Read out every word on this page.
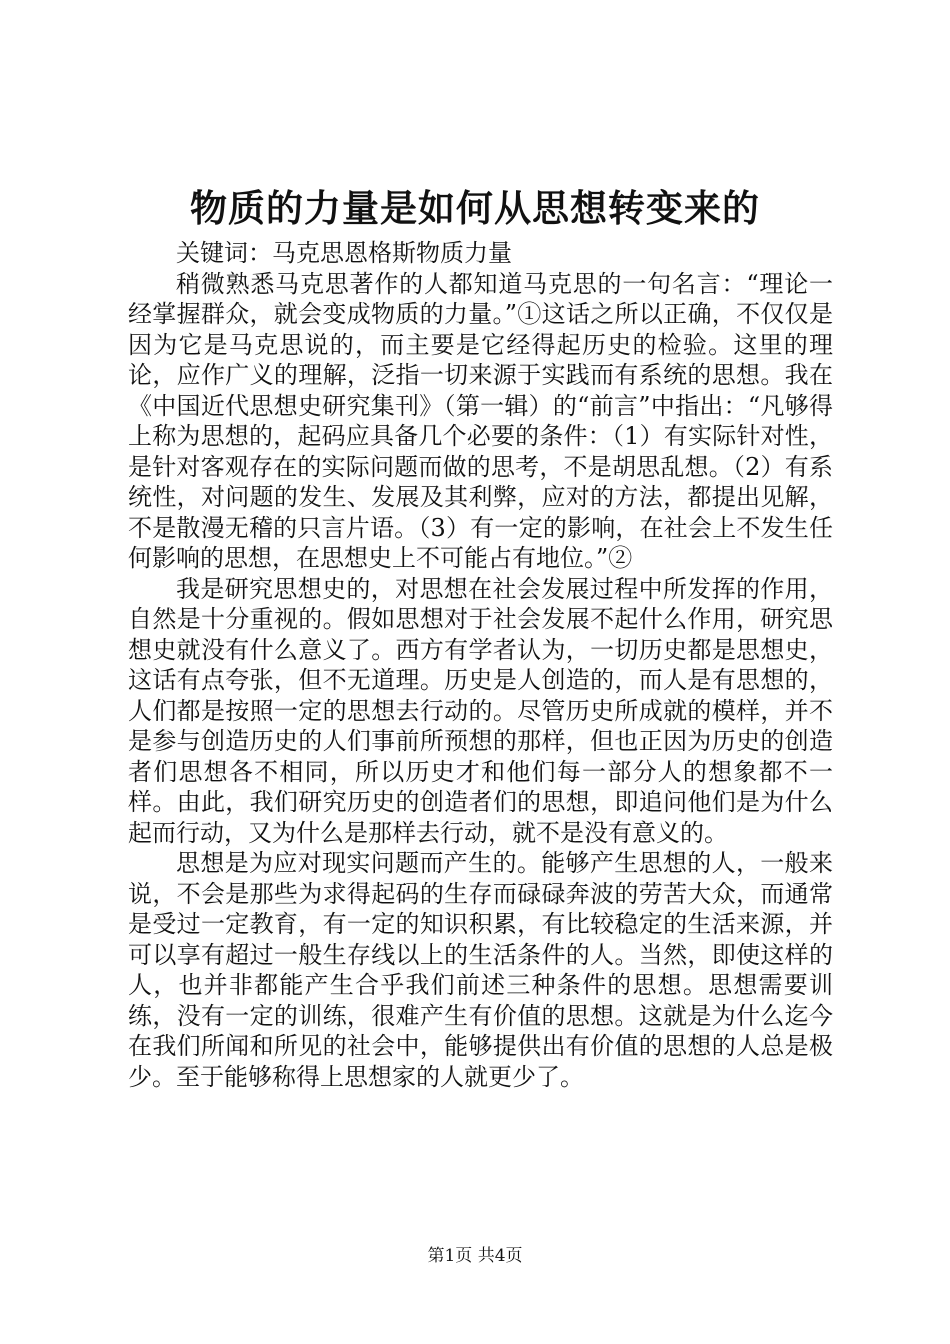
物质的力量是如何从思想转变来的

关键词：马克思恩格斯物质力量

稍微熟悉马克思著作的人都知道马克思的一句名言：“理论一经掌握群众，就会变成物质的力量。”①这话之所以正确，不仅仅是因为它是马克思说的，而主要是它经得起历史的检验。这里的理论，应作广义的理解，泛指一切来源于实践而有系统的思想。我在《中国近代思想史研究集刊》（第一辑）的“前言”中指出：“凡够得上称为思想的，起码应具备几个必要的条件：（1）有实际针对性，是针对客观存在的实际问题而做的思考，不是胡思乱想。（2）有系统性，对问题的发生、发展及其利弊，应对的方法，都提出见解，不是散漫无稽的只言片语。（3）有一定的影响，在社会上不发生任何影响的思想，在思想史上不可能占有地位。”②

我是研究思想史的，对思想在社会发展过程中所发挥的作用，自然是十分重视的。假如思想对于社会发展不起什么作用，研究思想史就没有什么意义了。西方有学者认为，一切历史都是思想史，这话有点夸张，但不无道理。历史是人创造的，而人是有思想的，人们都是按照一定的思想去行动的。尽管历史所成就的模样，并不是参与创造历史的人们事前所预想的那样，但也正因为历史的创造者们思想各不相同，所以历史才和他们每一部分人的想象都不一样。由此，我们研究历史的创造者们的思想，即追问他们是为什么起而行动，又为什么是那样去行动，就不是没有意义的。

思想是为应对现实问题而产生的。能够产生思想的人，一般来说，不会是那些为求得起码的生存而碌碌奔波的劳苦大众，而通常是受过一定教育，有一定的知识积累，有比较稳定的生活来源，并可以享有超过一般生存线以上的生活条件的人。当然，即使这样的人，也并非都能产生合乎我们前述三种条件的思想。思想需要训练，没有一定的训练，很难产生有价值的思想。这就是为什么迄今在我们所闻和所见的社会中，能够提供出有价值的思想的人总是极少。至于能够称得上思想家的人就更少了。

第1页 共4页
